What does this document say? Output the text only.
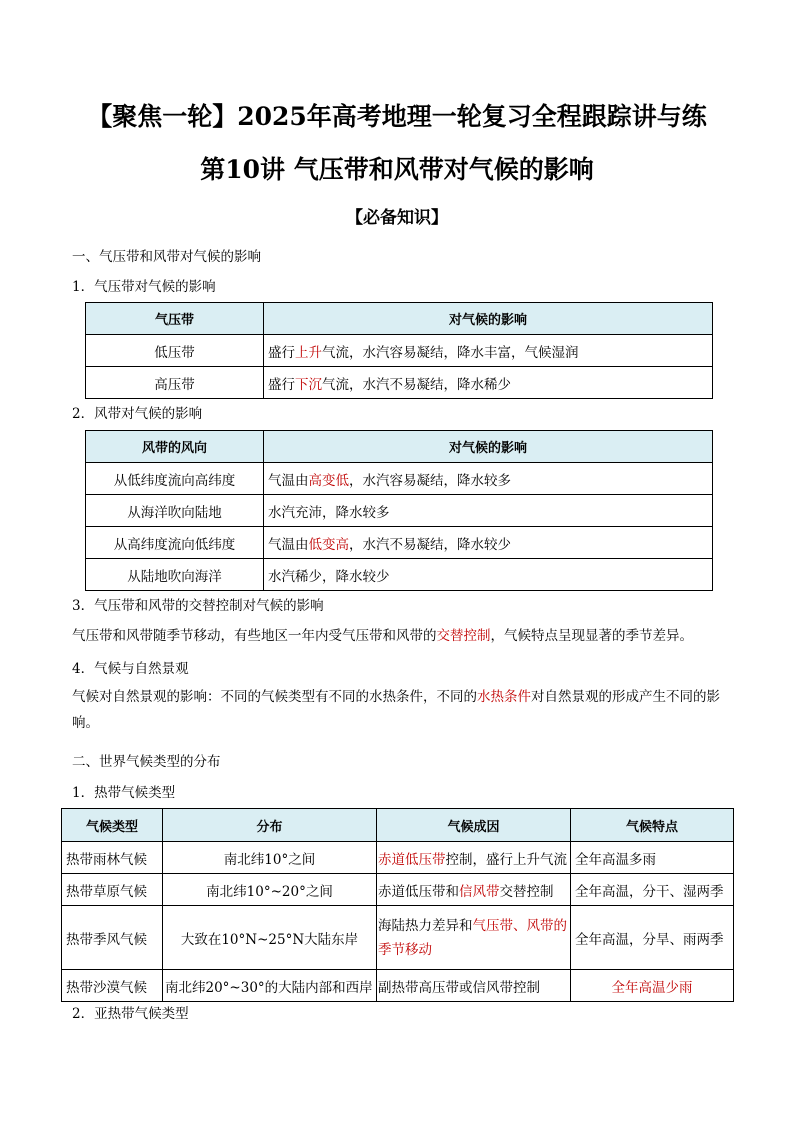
【聚焦一轮】2025年高考地理一轮复习全程跟踪讲与练
第10讲 气压带和风带对气候的影响
【必备知识】
一、气压带和风带对气候的影响
1．气压带对气候的影响
气压带	对气候的影响
低压带	盛行上升气流，水汽容易凝结，降水丰富，气候湿润
高压带	盛行下沉气流，水汽不易凝结，降水稀少
2．风带对气候的影响
风带的风向	对气候的影响
从低纬度流向高纬度	气温由高变低，水汽容易凝结，降水较多
从海洋吹向陆地	水汽充沛，降水较多
从高纬度流向低纬度	气温由低变高，水汽不易凝结，降水较少
从陆地吹向海洋	水汽稀少，降水较少
3．气压带和风带的交替控制对气候的影响
气压带和风带随季节移动，有些地区一年内受气压带和风带的交替控制，气候特点呈现显著的季节差异。
4．气候与自然景观
气候对自然景观的影响：不同的气候类型有不同的水热条件，不同的水热条件对自然景观的形成产生不同的影响。
二、世界气候类型的分布
1．热带气候类型
气候类型	分布	气候成因	气候特点
热带雨林气候	南北纬10°之间	赤道低压带控制，盛行上升气流	全年高温多雨
热带草原气候	南北纬10°~20°之间	赤道低压带和信风带交替控制	全年高温，分干、湿两季
热带季风气候	大致在10°N~25°N大陆东岸	海陆热力差异和气压带、风带的季节移动	全年高温，分旱、雨两季
热带沙漠气候	南北纬20°~30°的大陆内部和西岸	副热带高压带或信风带控制	全年高温少雨
2．亚热带气候类型
